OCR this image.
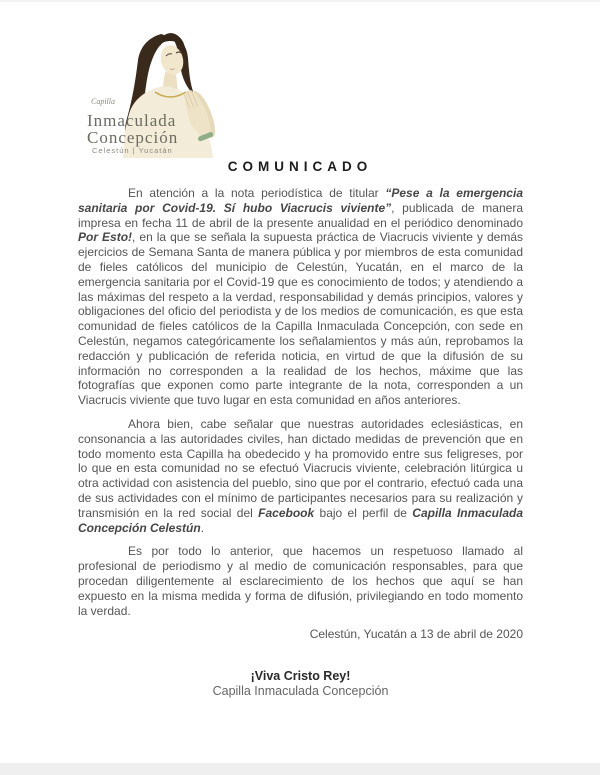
Capilla
Inmaculada
Concepción
Celestún | Yucatán
COMUNICADO

En atención a la nota periodística de titular “Pese a la emergencia sanitaria por Covid-19. Sí hubo Viacrucis viviente”, publicada de manera impresa en fecha 11 de abril de la presente anualidad en el periódico denominado Por Esto!, en la que se señala la supuesta práctica de Viacrucis viviente y demás ejercicios de Semana Santa de manera pública y por miembros de esta comunidad de fieles católicos del municipio de Celestún, Yucatán, en el marco de la emergencia sanitaria por el Covid-19 que es conocimiento de todos; y atendiendo a las máximas del respeto a la verdad, responsabilidad y demás principios, valores y obligaciones del oficio del periodista y de los medios de comunicación, es que esta comunidad de fieles católicos de la Capilla Inmaculada Concepción, con sede en Celestún, negamos categóricamente los señalamientos y más aún, reprobamos la redacción y publicación de referida noticia, en virtud de que la difusión de su información no corresponden a la realidad de los hechos, máxime que las fotografías que exponen como parte integrante de la nota, corresponden a un Viacrucis viviente que tuvo lugar en esta comunidad en años anteriores.

Ahora bien, cabe señalar que nuestras autoridades eclesiásticas, en consonancia a las autoridades civiles, han dictado medidas de prevención que en todo momento esta Capilla ha obedecido y ha promovido entre sus feligreses, por lo que en esta comunidad no se efectuó Viacrucis viviente, celebración litúrgica u otra actividad con asistencia del pueblo, sino que por el contrario, efectuó cada una de sus actividades con el mínimo de participantes necesarios para su realización y transmisión en la red social del Facebook bajo el perfil de Capilla Inmaculada Concepción Celestún.

Es por todo lo anterior, que hacemos un respetuoso llamado al profesional de periodismo y al medio de comunicación responsables, para que procedan diligentemente al esclarecimiento de los hechos que aquí se han expuesto en la misma medida y forma de difusión, privilegiando en todo momento la verdad.

Celestún, Yucatán a 13 de abril de 2020

¡Viva Cristo Rey!
Capilla Inmaculada Concepción
